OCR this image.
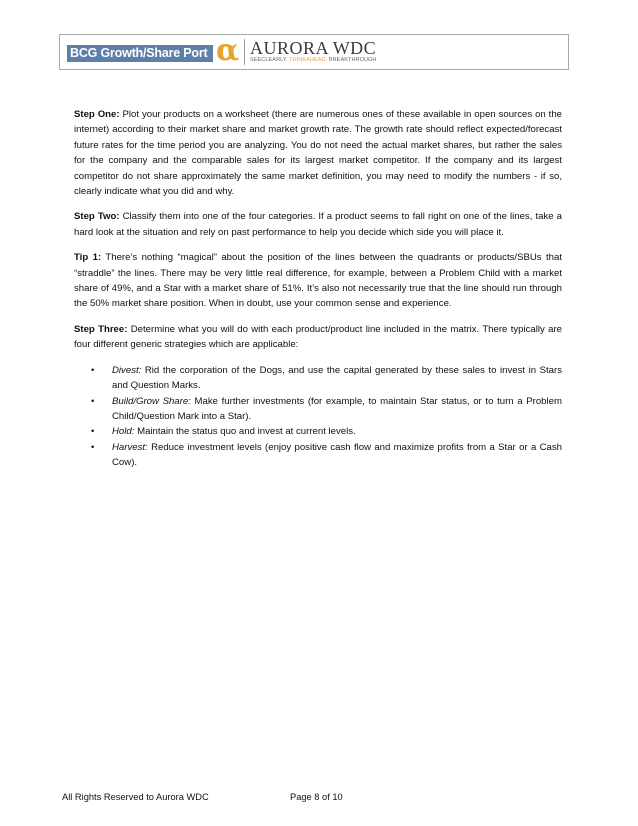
BCG Growth/Share Port α AURORA WDC
SEECLEARLY. THINKAHEAD. BREAKTHROUGH

Step One: Plot your products on a worksheet (there are numerous ones of these available in open sources on the internet) according to their market share and market growth rate. The growth rate should reflect expected/forecast future rates for the time period you are analyzing. You do not need the actual market shares, but rather the sales for the company and the comparable sales for its largest market competitor. If the company and its largest competitor do not share approximately the same market definition, you may need to modify the numbers - if so, clearly indicate what you did and why.

Step Two: Classify them into one of the four categories. If a product seems to fall right on one of the lines, take a hard look at the situation and rely on past performance to help you decide which side you will place it.

Tip 1: There’s nothing “magical” about the position of the lines between the quadrants or products/SBUs that “straddle” the lines. There may be very little real difference, for example, between a Problem Child with a market share of 49%, and a Star with a market share of 51%. It’s also not necessarily true that the line should run through the 50% market share position. When in doubt, use your common sense and experience.

Step Three: Determine what you will do with each product/product line included in the matrix. There typically are four different generic strategies which are applicable:

• Divest: Rid the corporation of the Dogs, and use the capital generated by these sales to invest in Stars and Question Marks.
• Build/Grow Share: Make further investments (for example, to maintain Star status, or to turn a Problem Child/Question Mark into a Star).
• Hold: Maintain the status quo and invest at current levels.
• Harvest: Reduce investment levels (enjoy positive cash flow and maximize profits from a Star or a Cash Cow).
All Rights Reserved to Aurora WDC	Page 8 of 10
